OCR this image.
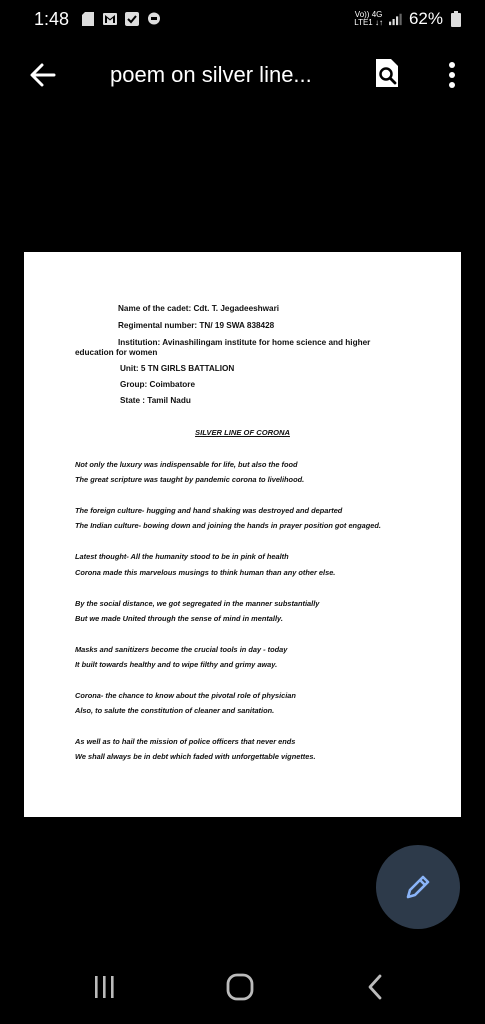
1:48	Vo)) 4G
LTE1 ↓↑ 62%
poem on silver line...
Name of the cadet: Cdt. T. Jegadeeshwari
Regimental number: TN/ 19 SWA 838428
Institution: Avinashilingam institute for home science and higher
education for women
Unit: 5 TN GIRLS BATTALION
Group: Coimbatore
State : Tamil Nadu
SILVER LINE OF CORONA
Not only the luxury was indispensable for life, but also the food
The great scripture was taught by pandemic corona to livelihood.
The foreign culture- hugging and hand shaking was destroyed and departed
The Indian culture- bowing down and joining the hands in prayer position got engaged.
Latest thought- All the humanity stood to be in pink of health
Corona made this marvelous musings to think human than any other else.
By the social distance, we got segregated in the manner substantially
But we made United through the sense of mind in mentally.
Masks and sanitizers become the crucial tools in day - today
It built towards healthy and to wipe filthy and grimy away.
Corona- the chance to know about the pivotal role of physician
Also, to salute the constitution of cleaner and sanitation.
As well as to hail the mission of police officers that never ends
We shall always be in debt which faded with unforgettable vignettes.
